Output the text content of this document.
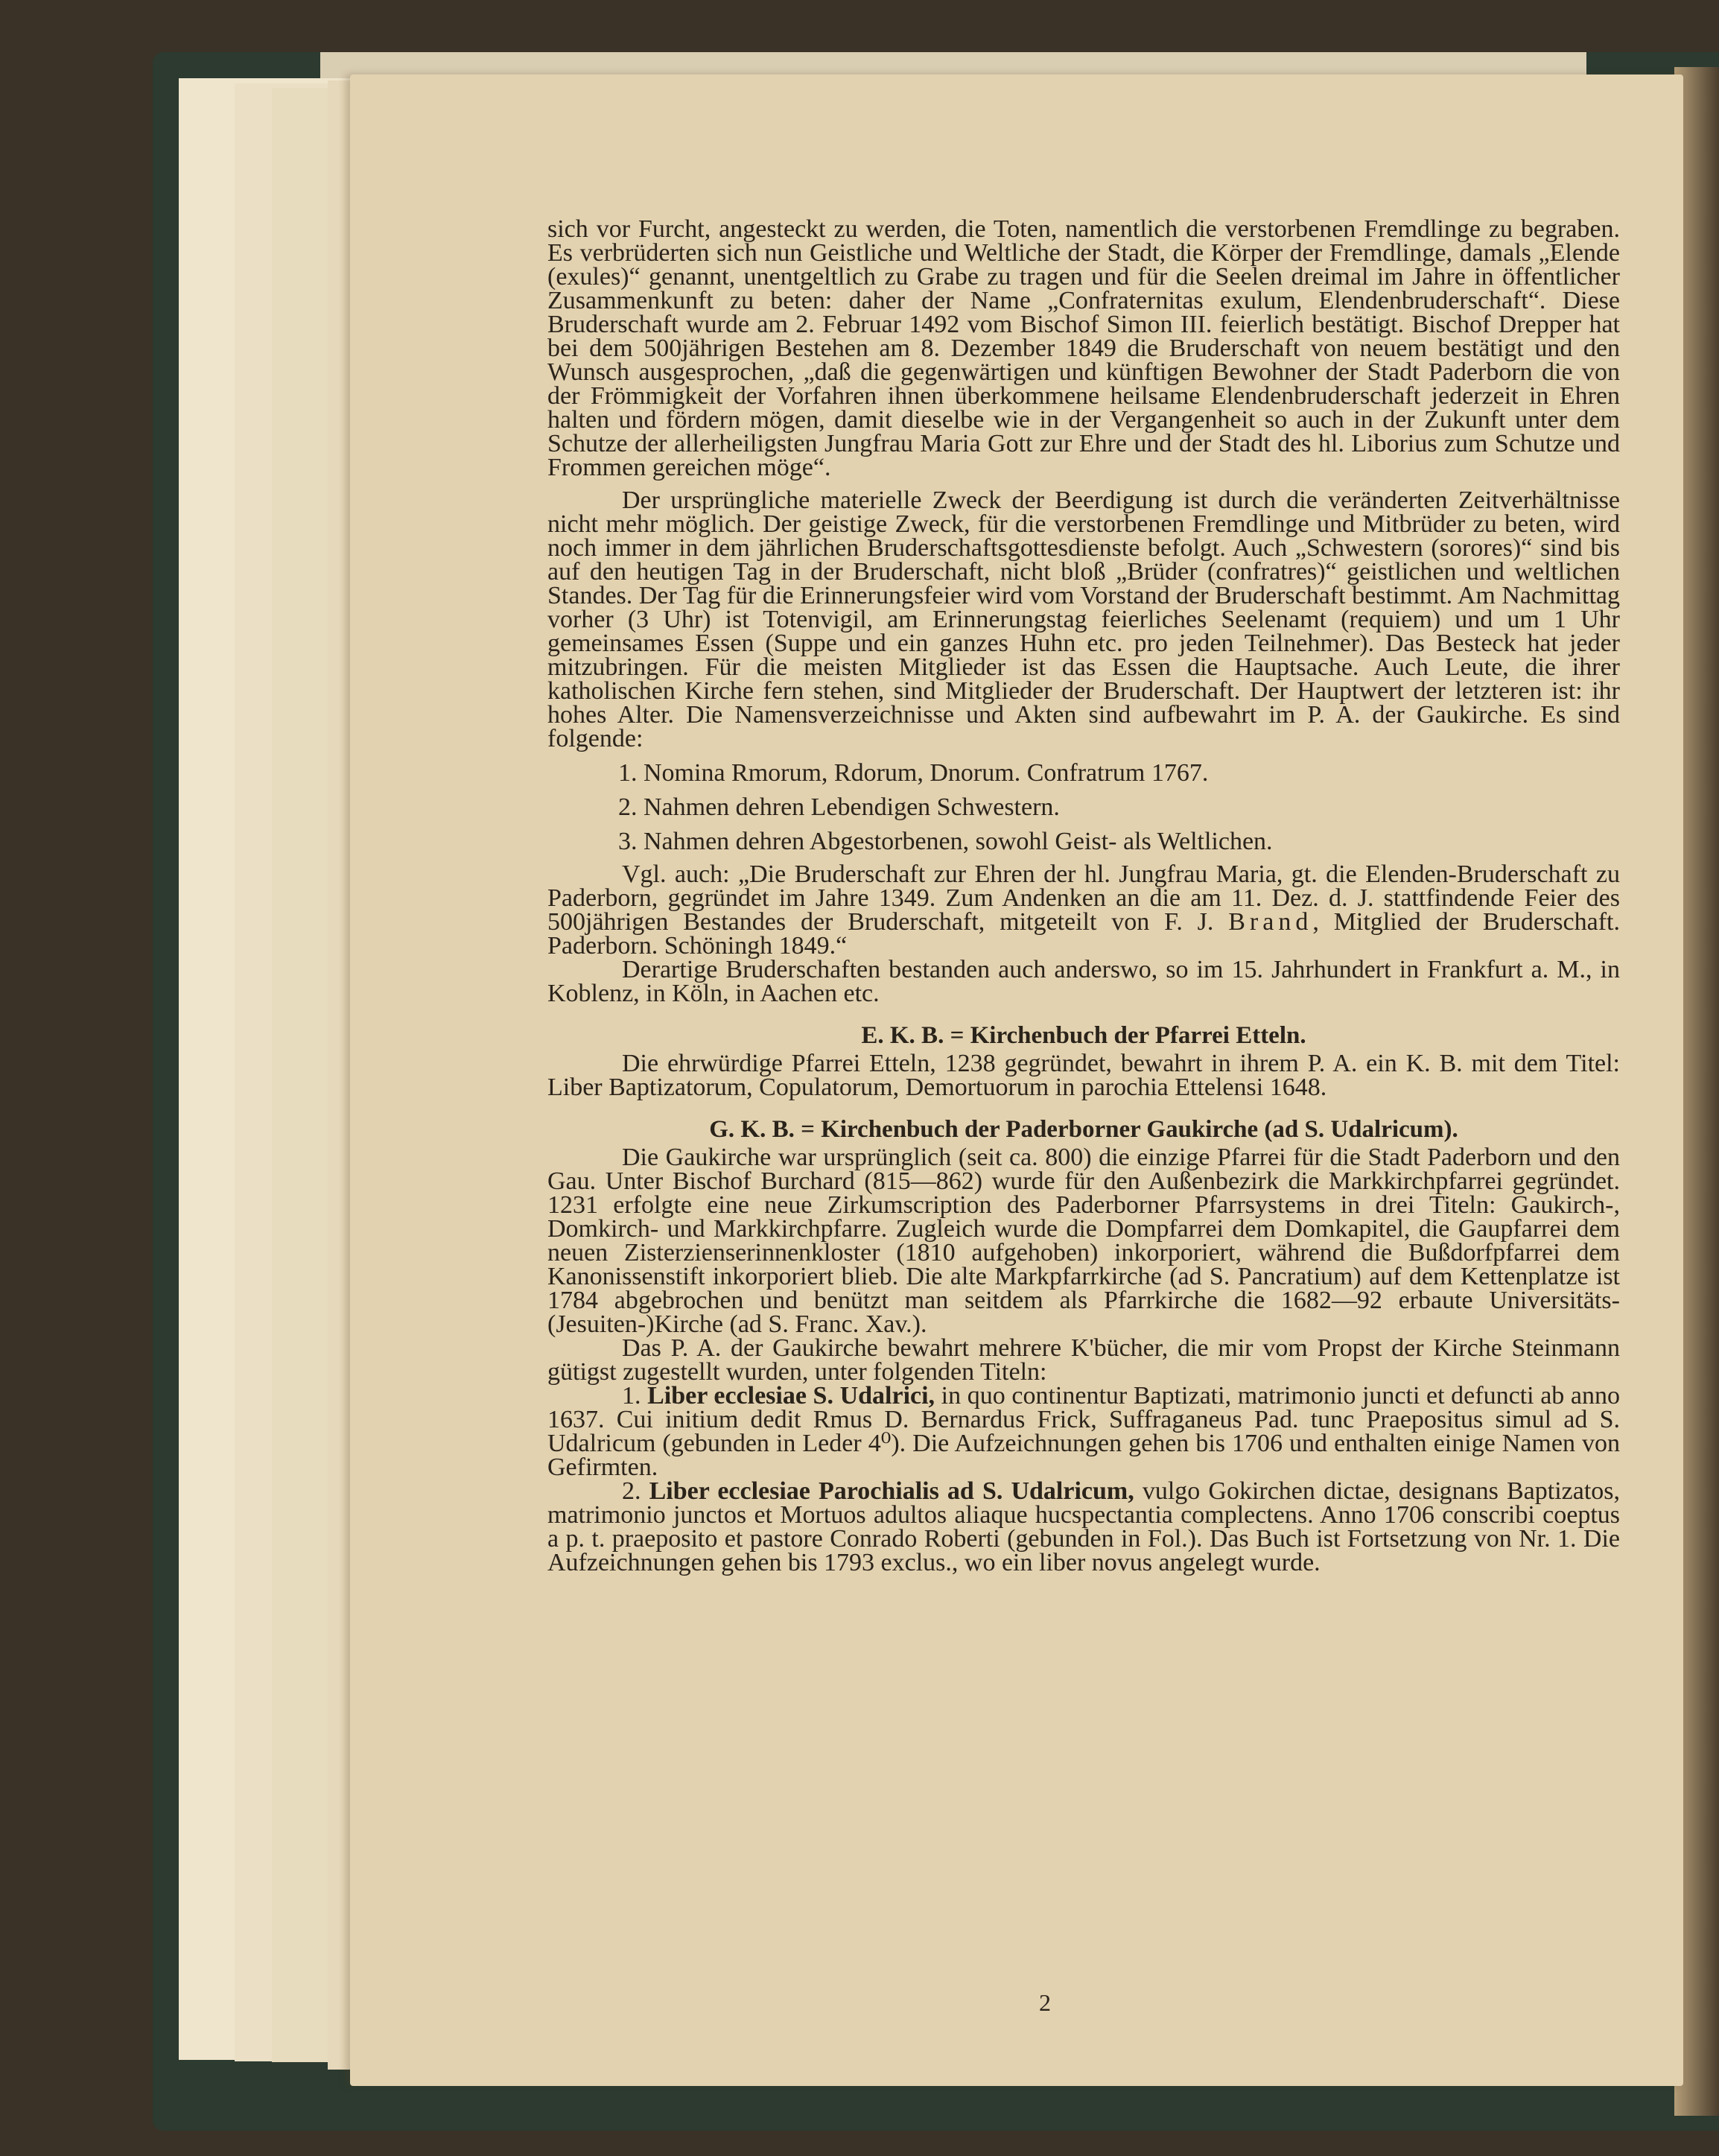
sich vor Furcht, angesteckt zu werden, die Toten, namentlich die verstorbenen Fremdlinge zu begraben. Es verbrüderten sich nun Geistliche und Weltliche der Stadt, die Körper der Fremdlinge, damals „Elende (exules)“ genannt, unentgeltlich zu Grabe zu tragen und für die Seelen dreimal im Jahre in öffentlicher Zusammenkunft zu beten: daher der Name „Confraternitas exulum, Elendenbruderschaft“. Diese Bruderschaft wurde am 2. Februar 1492 vom Bischof Simon III. feierlich bestätigt. Bischof Drepper hat bei dem 500jährigen Bestehen am 8. Dezember 1849 die Bruderschaft von neuem bestätigt und den Wunsch ausgesprochen, „daß die gegenwärtigen und künftigen Bewohner der Stadt Paderborn die von der Frömmigkeit der Vorfahren ihnen überkommene heilsame Elendenbruderschaft jederzeit in Ehren halten und fördern mögen, damit dieselbe wie in der Vergangenheit so auch in der Zukunft unter dem Schutze der allerheiligsten Jungfrau Maria Gott zur Ehre und der Stadt des hl. Liborius zum Schutze und Frommen gereichen möge“.

Der ursprüngliche materielle Zweck der Beerdigung ist durch die veränderten Zeitverhältnisse nicht mehr möglich. Der geistige Zweck, für die verstorbenen Fremdlinge und Mitbrüder zu beten, wird noch immer in dem jährlichen Bruderschaftsgottesdienste befolgt. Auch „Schwestern (sorores)“ sind bis auf den heutigen Tag in der Bruderschaft, nicht bloß „Brüder (confratres)“ geistlichen und weltlichen Standes. Der Tag für die Erinnerungsfeier wird vom Vorstand der Bruderschaft bestimmt. Am Nachmittag vorher (3 Uhr) ist Totenvigil, am Erinnerungstag feierliches Seelenamt (requiem) und um 1 Uhr gemeinsames Essen (Suppe und ein ganzes Huhn etc. pro jeden Teilnehmer). Das Besteck hat jeder mitzubringen. Für die meisten Mitglieder ist das Essen die Hauptsache. Auch Leute, die ihrer katholischen Kirche fern stehen, sind Mitglieder der Bruderschaft. Der Hauptwert der letzteren ist: ihr hohes Alter. Die Namensverzeichnisse und Akten sind aufbewahrt im P. A. der Gaukirche. Es sind folgende:

1. Nomina Rmorum, Rdorum, Dnorum. Confratrum 1767.

2. Nahmen dehren Lebendigen Schwestern.

3. Nahmen dehren Abgestorbenen, sowohl Geist- als Weltlichen.

Vgl. auch: „Die Bruderschaft zur Ehren der hl. Jungfrau Maria, gt. die Elenden-Bruderschaft zu Paderborn, gegründet im Jahre 1349. Zum Andenken an die am 11. Dez. d. J. stattfindende Feier des 500jährigen Bestandes der Bruderschaft, mitgeteilt von F. J. Brand, Mitglied der Bruderschaft. Paderborn. Schöningh 1849.“

Derartige Bruderschaften bestanden auch anderswo, so im 15. Jahrhundert in Frankfurt a. M., in Koblenz, in Köln, in Aachen etc.

E. K. B. = Kirchenbuch der Pfarrei Etteln.

Die ehrwürdige Pfarrei Etteln, 1238 gegründet, bewahrt in ihrem P. A. ein K. B. mit dem Titel: Liber Baptizatorum, Copulatorum, Demortuorum in parochia Ettelensi 1648.

G. K. B. = Kirchenbuch der Paderborner Gaukirche (ad S. Udalricum).

Die Gaukirche war ursprünglich (seit ca. 800) die einzige Pfarrei für die Stadt Paderborn und den Gau. Unter Bischof Burchard (815—862) wurde für den Außenbezirk die Markkirchpfarrei gegründet. 1231 erfolgte eine neue Zirkumscription des Paderborner Pfarrsystems in drei Titeln: Gaukirch-, Domkirch- und Markkirchpfarre. Zugleich wurde die Dompfarrei dem Domkapitel, die Gaupfarrei dem neuen Zisterzienserinnenkloster (1810 aufgehoben) inkorporiert, während die Bußdorfpfarrei dem Kanonissenstift inkorporiert blieb. Die alte Markpfarrkirche (ad S. Pancratium) auf dem Kettenplatze ist 1784 abgebrochen und benützt man seitdem als Pfarrkirche die 1682—92 erbaute Universitäts-(Jesuiten-)Kirche (ad S. Franc. Xav.).

Das P. A. der Gaukirche bewahrt mehrere K'bücher, die mir vom Propst der Kirche Steinmann gütigst zugestellt wurden, unter folgenden Titeln:

1. Liber ecclesiae S. Udalrici, in quo continentur Baptizati, matrimonio juncti et defuncti ab anno 1637. Cui initium dedit Rmus D. Bernardus Frick, Suffraganeus Pad. tunc Praepositus simul ad S. Udalricum (gebunden in Leder 4⁰). Die Aufzeichnungen gehen bis 1706 und enthalten einige Namen von Gefirmten.

2. Liber ecclesiae Parochialis ad S. Udalricum, vulgo Gokirchen dictae, designans Baptizatos, matrimonio junctos et Mortuos adultos aliaque hucspectantia complectens. Anno 1706 conscribi coeptus a p. t. praeposito et pastore Conrado Roberti (gebunden in Fol.). Das Buch ist Fortsetzung von Nr. 1. Die Aufzeichnungen gehen bis 1793 exclus., wo ein liber novus angelegt wurde.

2
